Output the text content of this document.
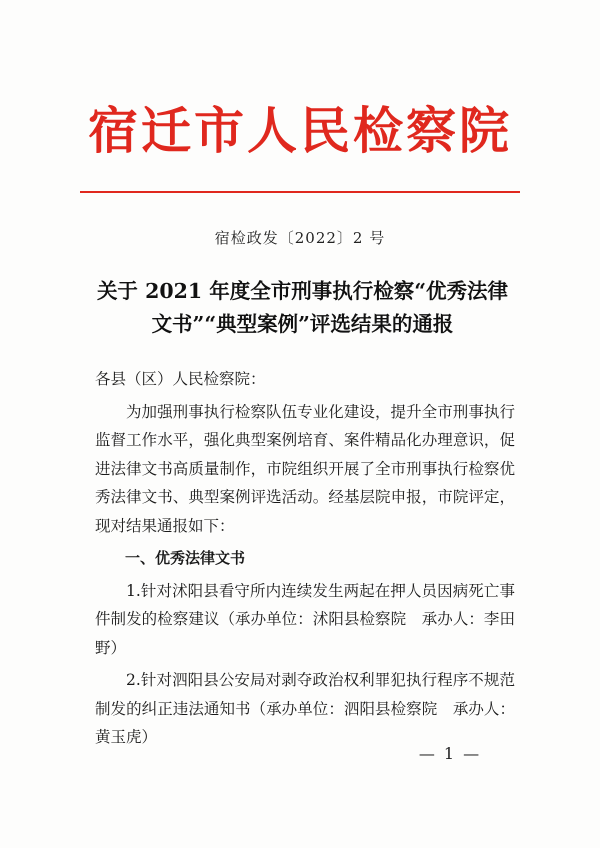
宿迁市人民检察院
宿检政发〔2022〕2 号
关于 2021 年度全市刑事执行检察“优秀法律文书”“典型案例”评选结果的通报

各县（区）人民检察院：

为加强刑事执行检察队伍专业化建设，提升全市刑事执行监督工作水平，强化典型案例培育、案件精品化办理意识，促进法律文书高质量制作，市院组织开展了全市刑事执行检察优秀法律文书、典型案例评选活动。经基层院申报，市院评定，现对结果通报如下：

一、优秀法律文书

1.针对沭阳县看守所内连续发生两起在押人员因病死亡事件制发的检察建议（承办单位：沭阳县检察院　承办人：李田野）

2.针对泗阳县公安局对剥夺政治权利罪犯执行程序不规范制发的纠正违法通知书（承办单位：泗阳县检察院　承办人：黄玉虎）

— 1 —
